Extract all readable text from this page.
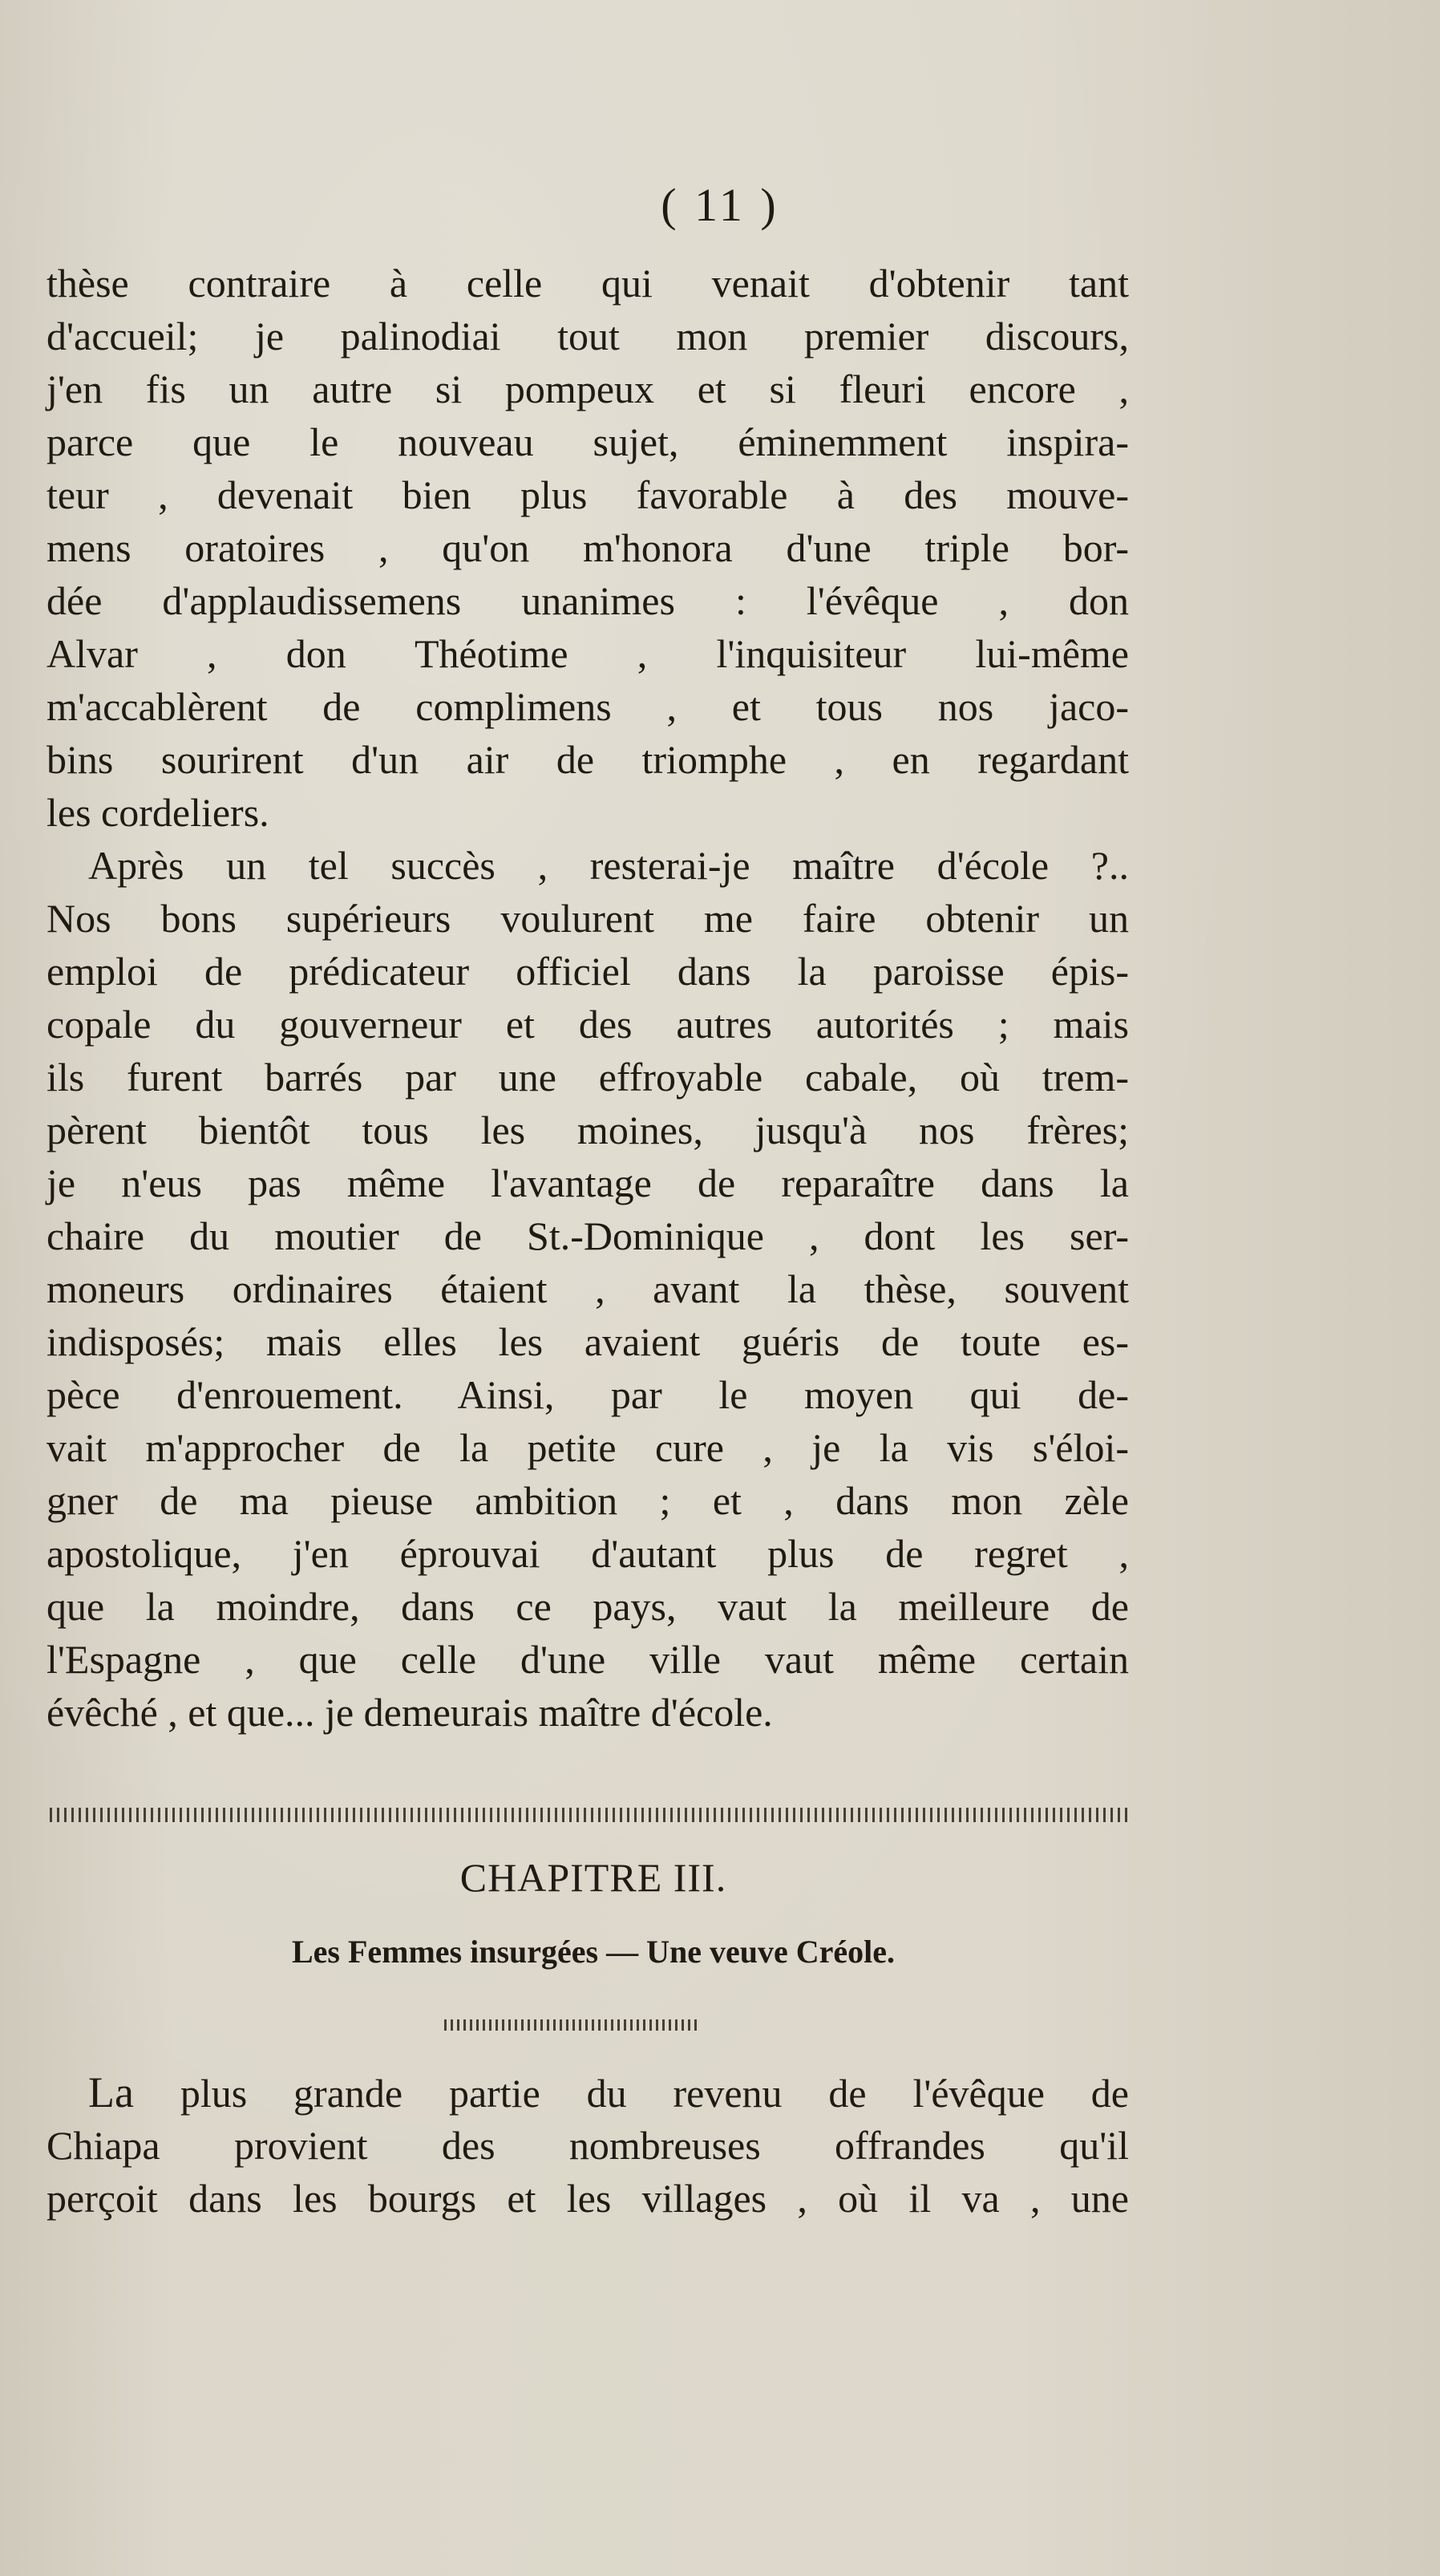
( 11 )
thèse contraire à celle qui venait d'obtenir tant
d'accueil; je palinodiai tout mon premier discours,
j'en fis un autre si pompeux et si fleuri encore ,
parce que le nouveau sujet, éminemment inspira-
teur , devenait bien plus favorable à des mouve-
mens oratoires , qu'on m'honora d'une triple bor-
dée d'applaudissemens unanimes : l'évêque , don
Alvar , don Théotime , l'inquisiteur lui-même
m'accablèrent de complimens , et tous nos jaco-
bins sourirent d'un air de triomphe , en regardant
les cordeliers.
Après un tel succès , resterai-je maître d'école ?..
Nos bons supérieurs voulurent me faire obtenir un
emploi de prédicateur officiel dans la paroisse épis-
copale du gouverneur et des autres autorités ; mais
ils furent barrés par une effroyable cabale, où trem-
pèrent bientôt tous les moines, jusqu'à nos frères;
je n'eus pas même l'avantage de reparaître dans la
chaire du moutier de St.-Dominique , dont les ser-
moneurs ordinaires étaient , avant la thèse, souvent
indisposés; mais elles les avaient guéris de toute es-
pèce d'enrouement. Ainsi, par le moyen qui de-
vait m'approcher de la petite cure , je la vis s'éloi-
gner de ma pieuse ambition ; et , dans mon zèle
apostolique, j'en éprouvai d'autant plus de regret ,
que la moindre, dans ce pays, vaut la meilleure de
l'Espagne , que celle d'une ville vaut même certain
évêché , et que... je demeurais maître d'école.
CHAPITRE III.
Les Femmes insurgées — Une veuve Créole.
La plus grande partie du revenu de l'évêque de
Chiapa provient des nombreuses offrandes qu'il
perçoit dans les bourgs et les villages , où il va , une
